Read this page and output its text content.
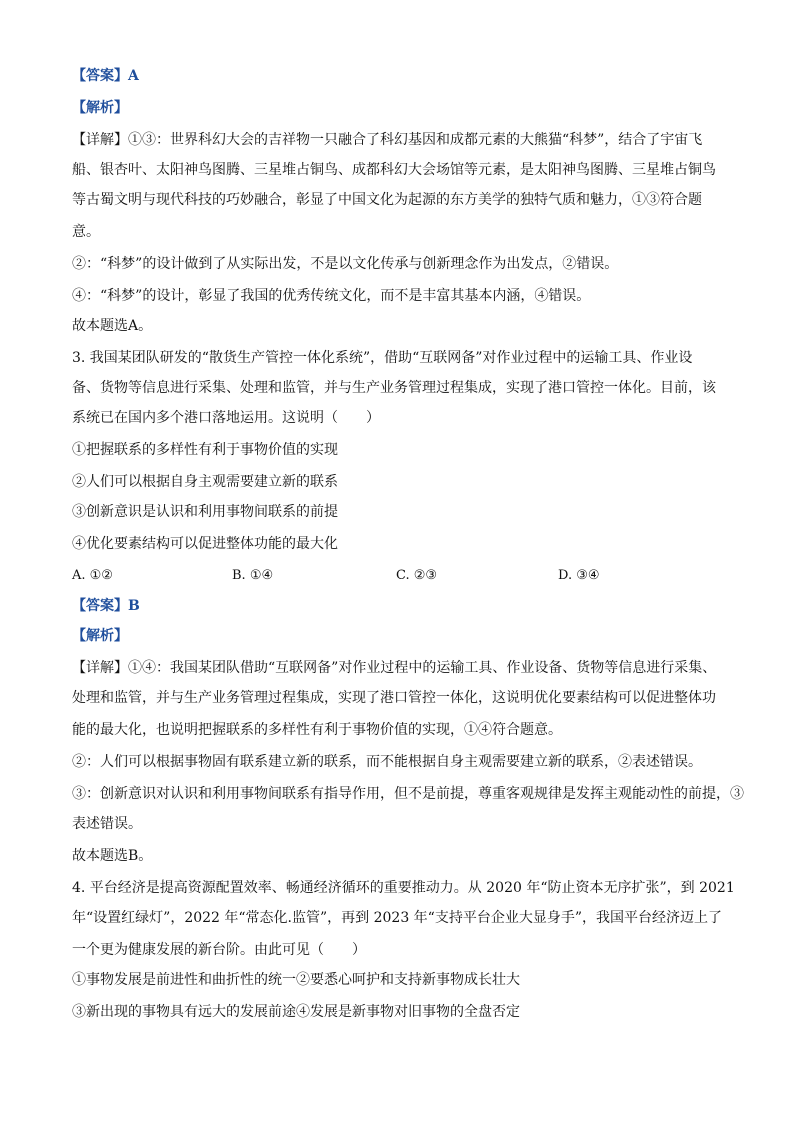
【答案】A
【解析】
【详解】①③：世界科幻大会的吉祥物一只融合了科幻基因和成都元素的大熊猫“科梦”，结合了宇宙飞
船、银杏叶、太阳神鸟图腾、三星堆占铜鸟、成都科幻大会场馆等元素，是太阳神鸟图腾、三星堆占铜鸟
等古蜀文明与现代科技的巧妙融合，彰显了中国文化为起源的东方美学的独特气质和魅力，①③符合题
意。
②：“科梦”的设计做到了从实际出发，不是以文化传承与创新理念作为出发点，②错误。
④：“科梦”的设计，彰显了我国的优秀传统文化，而不是丰富其基本内涵，④错误。
故本题选A。
3. 我国某团队研发的“散货生产管控一体化系统”，借助“互联网备”对作业过程中的运输工具、作业设
备、货物等信息进行采集、处理和监管，并与生产业务管理过程集成，实现了港口管控一体化。目前，该
系统已在国内多个港口落地运用。这说明（　　）
①把握联系的多样性有利于事物价值的实现
②人们可以根据自身主观需要建立新的联系
③创新意识是认识和利用事物间联系的前提
④优化要素结构可以促进整体功能的最大化
A. ①②	B. ①④	C. ②③	D. ③④
【答案】B
【解析】
【详解】①④：我国某团队借助“互联网备”对作业过程中的运输工具、作业设备、货物等信息进行采集、
处理和监管，并与生产业务管理过程集成，实现了港口管控一体化，这说明优化要素结构可以促进整体功
能的最大化，也说明把握联系的多样性有利于事物价值的实现，①④符合题意。
②：人们可以根据事物固有联系建立新的联系，而不能根据自身主观需要建立新的联系，②表述错误。
③：创新意识对认识和利用事物间联系有指导作用，但不是前提，尊重客观规律是发挥主观能动性的前提，③
表述错误。
故本题选B。
4. 平台经济是提高资源配置效率、畅通经济循环的重要推动力。从 2020 年“防止资本无序扩张”，到 2021
年“设置红绿灯”，2022 年“常态化.监管”，再到 2023 年“支持平台企业大显身手”，我国平台经济迈上了
一个更为健康发展的新台阶。由此可见（　　）
①事物发展是前进性和曲折性的统一②要悉心呵护和支持新事物成长壮大
③新出现的事物具有远大的发展前途④发展是新事物对旧事物的全盘否定
